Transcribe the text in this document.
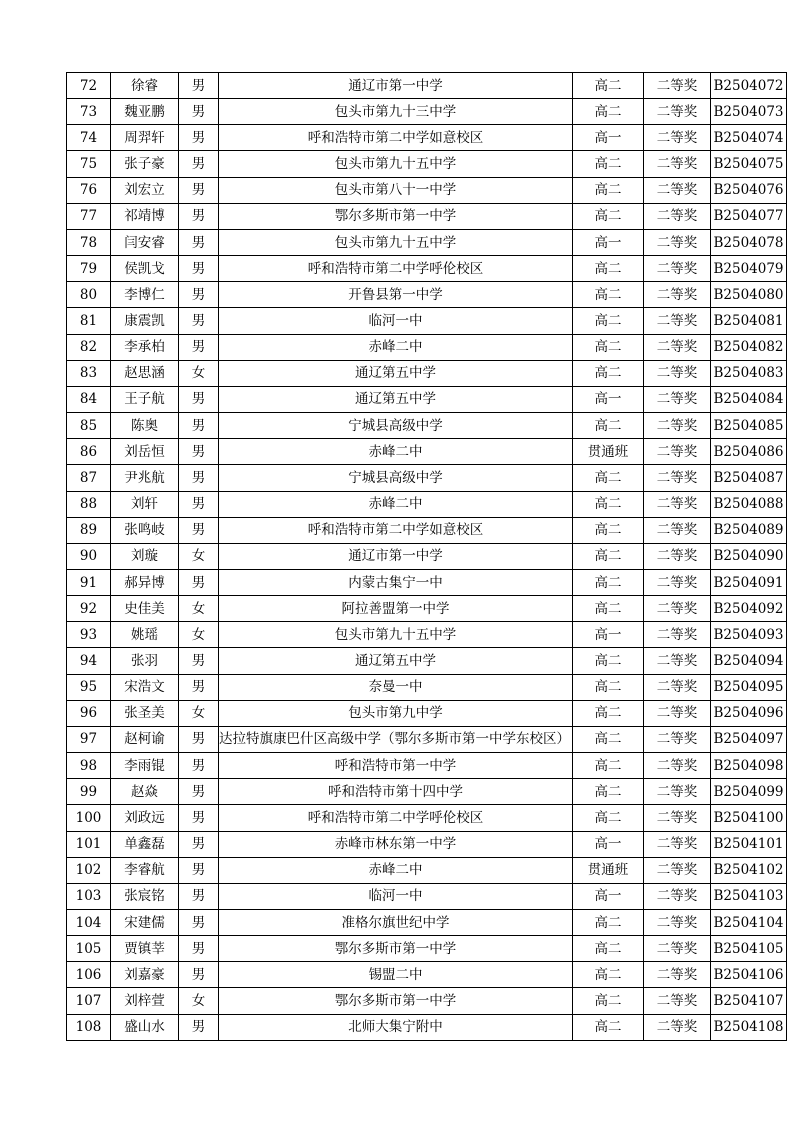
72	徐睿	男	通辽市第一中学	高二	二等奖	B2504072
73	魏亚鹏	男	包头市第九十三中学	高二	二等奖	B2504073
74	周羿轩	男	呼和浩特市第二中学如意校区	高一	二等奖	B2504074
75	张子豪	男	包头市第九十五中学	高二	二等奖	B2504075
76	刘宏立	男	包头市第八十一中学	高二	二等奖	B2504076
77	祁靖博	男	鄂尔多斯市第一中学	高二	二等奖	B2504077
78	闫安睿	男	包头市第九十五中学	高一	二等奖	B2504078
79	侯凯戈	男	呼和浩特市第二中学呼伦校区	高二	二等奖	B2504079
80	李博仁	男	开鲁县第一中学	高二	二等奖	B2504080
81	康震凯	男	临河一中	高二	二等奖	B2504081
82	李承柏	男	赤峰二中	高二	二等奖	B2504082
83	赵思涵	女	通辽第五中学	高二	二等奖	B2504083
84	王子航	男	通辽第五中学	高一	二等奖	B2504084
85	陈奥	男	宁城县高级中学	高二	二等奖	B2504085
86	刘岳恒	男	赤峰二中	贯通班	二等奖	B2504086
87	尹兆航	男	宁城县高级中学	高二	二等奖	B2504087
88	刘轩	男	赤峰二中	高二	二等奖	B2504088
89	张鸣岐	男	呼和浩特市第二中学如意校区	高二	二等奖	B2504089
90	刘璇	女	通辽市第一中学	高二	二等奖	B2504090
91	郝异博	男	内蒙古集宁一中	高二	二等奖	B2504091
92	史佳美	女	阿拉善盟第一中学	高二	二等奖	B2504092
93	姚瑶	女	包头市第九十五中学	高一	二等奖	B2504093
94	张羽	男	通辽第五中学	高二	二等奖	B2504094
95	宋浩文	男	奈曼一中	高二	二等奖	B2504095
96	张圣美	女	包头市第九中学	高二	二等奖	B2504096
97	赵柯谕	男	达拉特旗康巴什区高级中学（鄂尔多斯市第一中学东校区）	高二	二等奖	B2504097
98	李雨锟	男	呼和浩特市第一中学	高二	二等奖	B2504098
99	赵焱	男	呼和浩特市第十四中学	高二	二等奖	B2504099
100	刘政远	男	呼和浩特市第二中学呼伦校区	高二	二等奖	B2504100
101	单鑫磊	男	赤峰市林东第一中学	高一	二等奖	B2504101
102	李睿航	男	赤峰二中	贯通班	二等奖	B2504102
103	张宸铭	男	临河一中	高一	二等奖	B2504103
104	宋建儒	男	准格尔旗世纪中学	高二	二等奖	B2504104
105	贾镇莘	男	鄂尔多斯市第一中学	高二	二等奖	B2504105
106	刘嘉豪	男	锡盟二中	高二	二等奖	B2504106
107	刘梓萱	女	鄂尔多斯市第一中学	高二	二等奖	B2504107
108	盛山水	男	北师大集宁附中	高二	二等奖	B2504108
